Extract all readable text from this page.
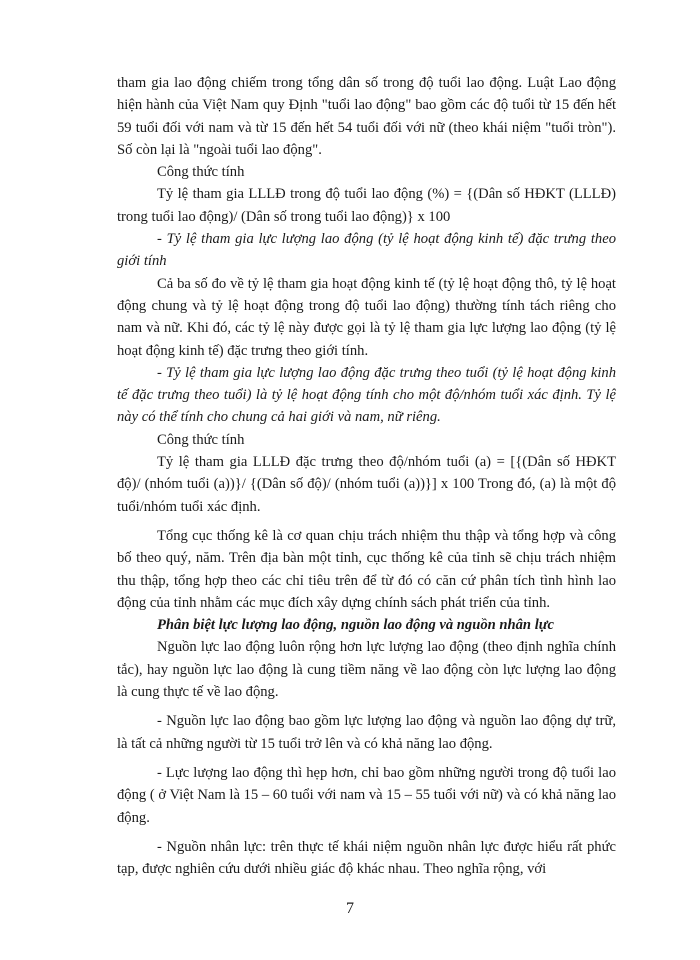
tham gia lao động chiếm trong tổng dân số trong độ tuổi lao động. Luật Lao động hiện hành của Việt Nam quy Định "tuổi lao động" bao gồm các độ tuổi từ 15 đến hết 59 tuổi đối với nam và từ 15 đến hết 54 tuổi đối với nữ (theo khái niệm "tuổi tròn"). Số còn lại là "ngoài tuổi lao động".

Công thức tính

Tỷ lệ tham gia LLLĐ trong độ tuổi lao động (%) = {(Dân số HĐKT (LLLĐ) trong tuổi lao động)/ (Dân số trong tuổi lao động)} x 100

- Tỷ lệ tham gia lực lượng lao động (tỷ lệ hoạt động kinh tế) đặc trưng theo giới tính

Cả ba số đo về tỷ lệ tham gia hoạt động kinh tế (tỷ lệ hoạt động thô, tỷ lệ hoạt động chung và tỷ lệ hoạt động trong độ tuổi lao động) thường tính tách riêng cho nam và nữ. Khi đó, các tỷ lệ này được gọi là tỷ lệ tham gia lực lượng lao động (tỷ lệ hoạt động kinh tế) đặc trưng theo giới tính.

- Tỷ lệ tham gia lực lượng lao động đặc trưng theo tuổi (tỷ lệ hoạt động kinh tế đặc trưng theo tuổi) là tỷ lệ hoạt động tính cho một độ/nhóm tuổi xác định. Tỷ lệ này có thể tính cho chung cả hai giới và nam, nữ riêng.

Công thức tính

Tỷ lệ tham gia LLLĐ đặc trưng theo độ/nhóm tuổi (a) = [{(Dân số HĐKT độ)/ (nhóm tuổi (a))}/ {(Dân số độ)/ (nhóm tuổi (a))}] x 100 Trong đó, (a) là một độ tuổi/nhóm tuổi xác định.

Tổng cục thống kê là cơ quan chịu trách nhiệm thu thập và tổng hợp và công bố theo quý, năm. Trên địa bàn một tỉnh, cục thống kê của tỉnh sẽ chịu trách nhiệm thu thập, tổng hợp theo các chỉ tiêu trên để từ đó có căn cứ phân tích tình hình lao động của tỉnh nhằm các mục đích xây dựng chính sách phát triển của tỉnh.

Phân biệt lực lượng lao động, nguồn lao động và nguồn nhân lực

Nguồn lực lao động luôn rộng hơn lực lượng lao động (theo định nghĩa chính tắc), hay nguồn lực lao động là cung tiềm năng về lao động còn lực lượng lao động là cung thực tế về lao động.

- Nguồn lực lao động bao gồm lực lượng lao động và nguồn lao động dự trữ, là tất cả những người từ 15 tuổi trở lên và có khả năng lao động.

- Lực lượng lao động thì hẹp hơn, chỉ bao gồm những người trong độ tuổi lao động ( ở Việt Nam là 15 – 60 tuổi với nam và 15 – 55 tuổi với nữ) và có khả năng lao động.

- Nguồn nhân lực: trên thực tế khái niệm nguồn nhân lực được hiểu rất phức tạp, được nghiên cứu dưới nhiều giác độ khác nhau. Theo nghĩa rộng, với

7
